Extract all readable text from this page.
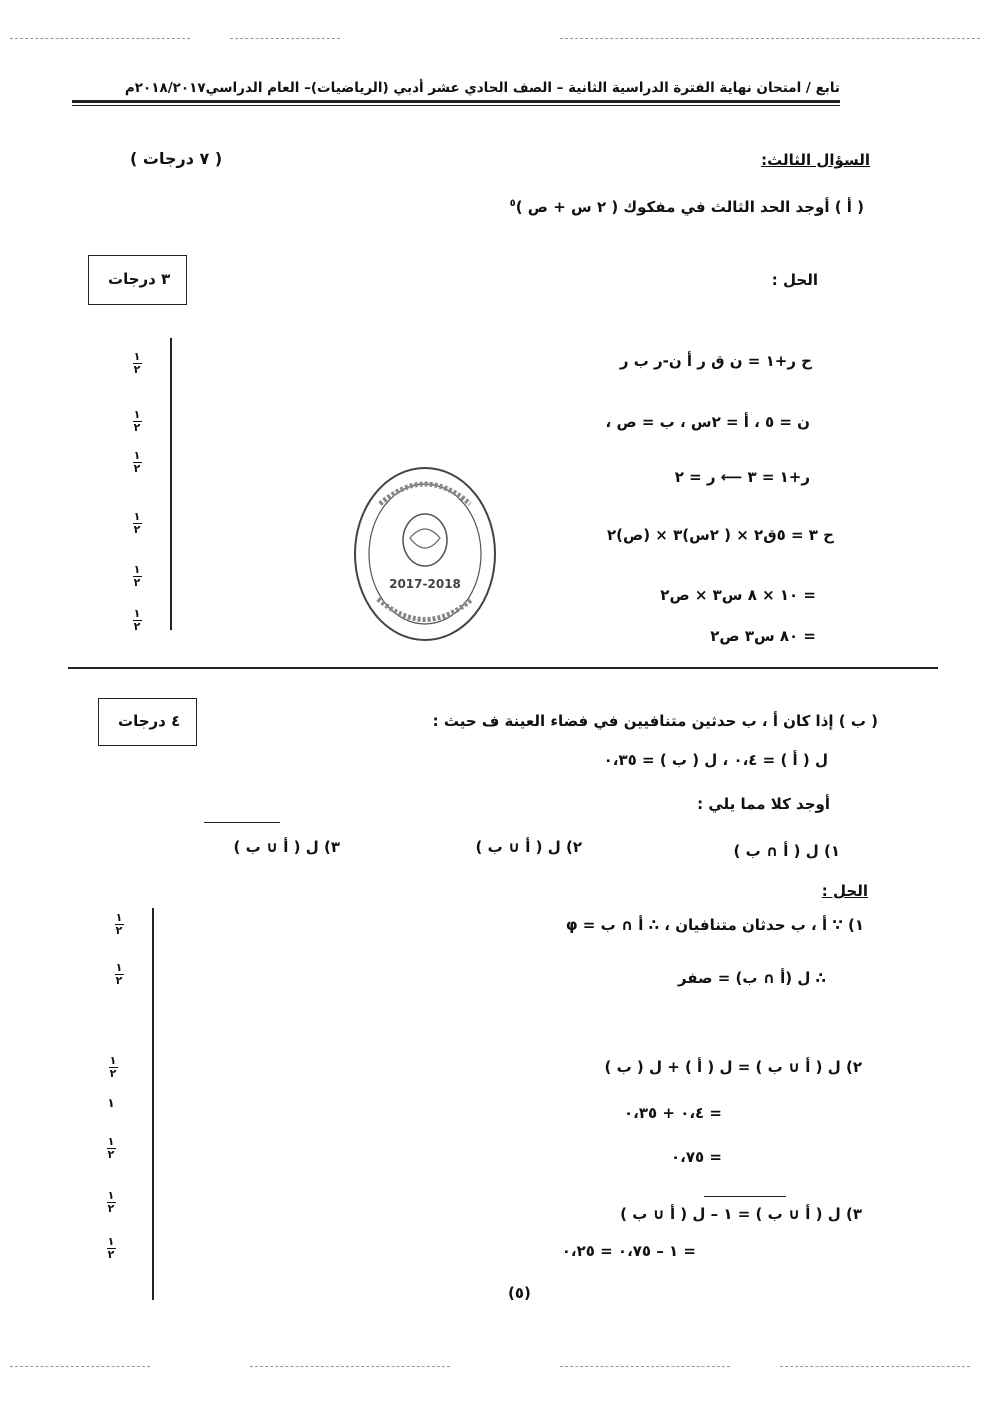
تابع / امتحان نهاية الفترة الدراسية الثانية – الصف الحادي عشر أدبي (الرياضيات)– العام الدراسي٢٠١٨/٢٠١٧م
السؤال الثالث:
( ٧ درجات )
( أ ) أوجد الحد الثالث في مفكوك ( ٢ س + ص )$^٥$
٣ درجات	الحل :
ح ر+١ = ن ق ر أ ن-ر ب ر
ن = ٥ ، أ = ٢س ، ب = ص ،
ر+١ = ٣ ⟵ ر = ٢
ح ٣ = ٥ق٢ × ( ٢س)٣ × (ص)٢
= ١٠ × ٨ س٣ × ص٢
= ٨٠ س٣ ص٢
$\frac{١}{٢}$
$\frac{١}{٢}$
$\frac{١}{٢}$
$\frac{١}{٢}$
$\frac{١}{٢}$
$\frac{١}{٢}$
2017-2018
٤ درجات	( ب ) إذا كان أ ، ب حدثين متنافيين في فضاء العينة ف حيث :
ل ( أ ) = ٠،٤ ، ل ( ب ) = ٠،٣٥
أوجد كلا مما يلي :
١) ل ( أ ∩ ب )
٢) ل ( أ ∪ ب )
٣) ل ( أ ∪ ب )
الحل :
١) ∵ أ ، ب حدثان متنافيان ، ∴ أ ∩ ب = φ
∴ ل (أ ∩ ب) = صفر
٢) ل ( أ ∪ ب ) = ل ( أ ) + ل ( ب )
= ٠،٤ + ٠،٣٥
= ٠،٧٥
٣) ل ( أ ∪ ب ) = ١ – ل ( أ ∪ ب )
= ١ – ٠،٧٥ = ٠،٢٥
$\frac{١}{٢}$
$\frac{١}{٢}$
$\frac{١}{٢}$
١
$\frac{١}{٢}$
$\frac{١}{٢}$
$\frac{١}{٢}$
(٥)
